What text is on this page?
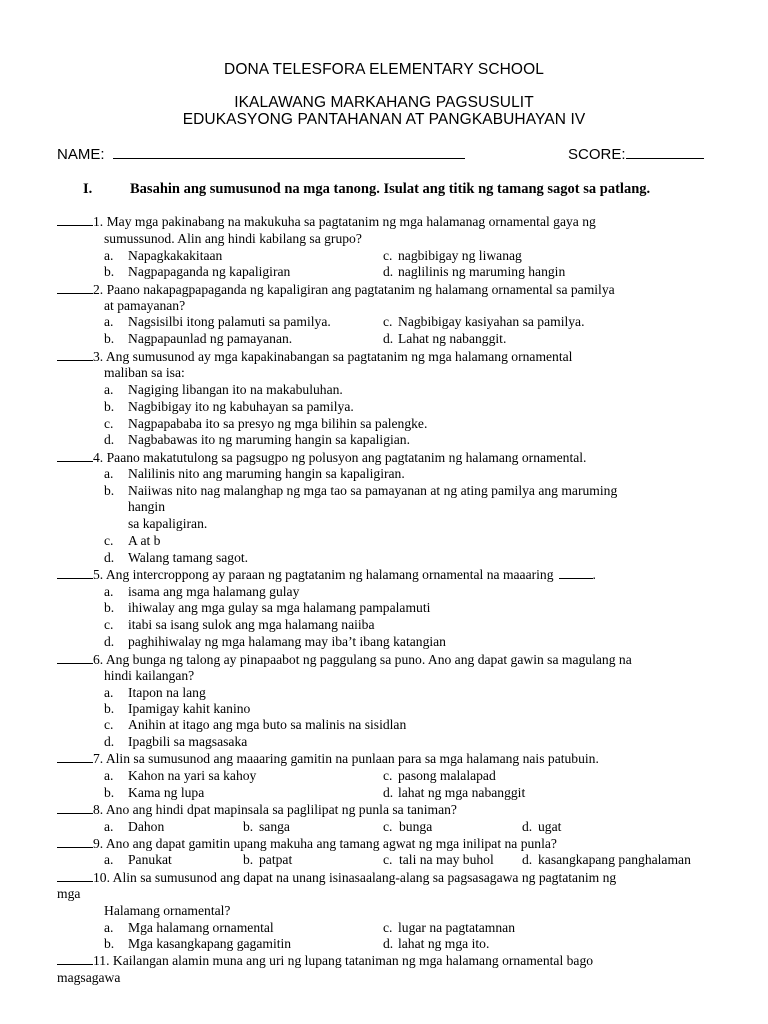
DONA TELESFORA ELEMENTARY SCHOOL
IKALAWANG MARKAHANG PAGSUSULIT
EDUKASYONG PANTAHANAN AT PANGKABUHAYAN IV
NAME:	SCORE:
I.	Basahin ang sumusunod na mga tanong. Isulat ang titik ng tamang sagot sa patlang.
1. May mga pakinabang na makukuha sa pagtatanim ng mga halamanag ornamental gaya ng
sumussunod. Alin ang hindi kabilang sa grupo?
a. Napagkakakitaan	c. nagbibigay ng liwanag
b. Nagpapaganda ng kapaligiran	d. naglilinis ng maruming hangin
2. Paano nakapagpapaganda ng kapaligiran ang pagtatanim ng halamang ornamental sa pamilya
at pamayanan?
a. Nagsisilbi itong palamuti sa pamilya.	c. Nagbibigay kasiyahan sa pamilya.
b. Nagpapaunlad ng pamayanan.	d. Lahat ng nabanggit.
3. Ang sumusunod ay mga kapakinabangan sa pagtatanim ng mga halamang ornamental
maliban sa isa:
a. Nagiging libangan ito na makabuluhan.
b. Nagbibigay ito ng kabuhayan sa pamilya.
c. Nagpapababa ito sa presyo ng mga bilihin sa palengke.
d. Nagbabawas ito ng maruming hangin sa kapaligian.
4. Paano makatutulong sa pagsugpo ng polusyon ang pagtatanim ng halamang ornamental.
a. Nalilinis nito ang maruming hangin sa kapaligiran.
b. Naiiwas nito nag malanghap ng mga tao sa pamayanan at ng ating pamilya ang maruming
hangin
sa kapaligiran.
c. A at b
d. Walang tamang sagot.
5. Ang intercroppong ay paraan ng pagtatanim ng halamang ornamental na maaaring	.
a. isama ang mga halamang gulay
b. ihiwalay ang mga gulay sa mga halamang pampalamuti
c. itabi sa isang sulok ang mga halamang naiiba
d. paghihiwalay ng mga halamang may iba’t ibang katangian
6. Ang bunga ng talong ay pinapaabot ng paggulang sa puno. Ano ang dapat gawin sa magulang na
hindi kailangan?
a. Itapon na lang
b. Ipamigay kahit kanino
c. Anihin at itago ang mga buto sa malinis na sisidlan
d. Ipagbili sa magsasaka
7. Alin sa sumusunod ang maaaring gamitin na punlaan para sa mga halamang nais patubuin.
a. Kahon na yari sa kahoy	c. pasong malalapad
b. Kama ng lupa	d. lahat ng mga nabanggit
8. Ano ang hindi dpat mapinsala sa paglilipat ng punla sa taniman?
a. Dahon	b. sanga	c. bunga	d. ugat
9. Ano ang dapat gamitin upang makuha ang tamang agwat ng mga inilipat na punla?
a. Panukat	b. patpat	c. tali na may buhol d. kasangkapang panghalaman
10. Alin sa sumusunod ang dapat na unang isinasaalang-alang sa pagsasagawa ng pagtatanim ng
mga
Halamang ornamental?
a. Mga halamang ornamental	c. lugar na pagtatamnan
b. Mga kasangkapang gagamitin	d. lahat ng mga ito.
11. Kailangan alamin muna ang uri ng lupang tataniman ng mga halamang ornamental bago
magsagawa
